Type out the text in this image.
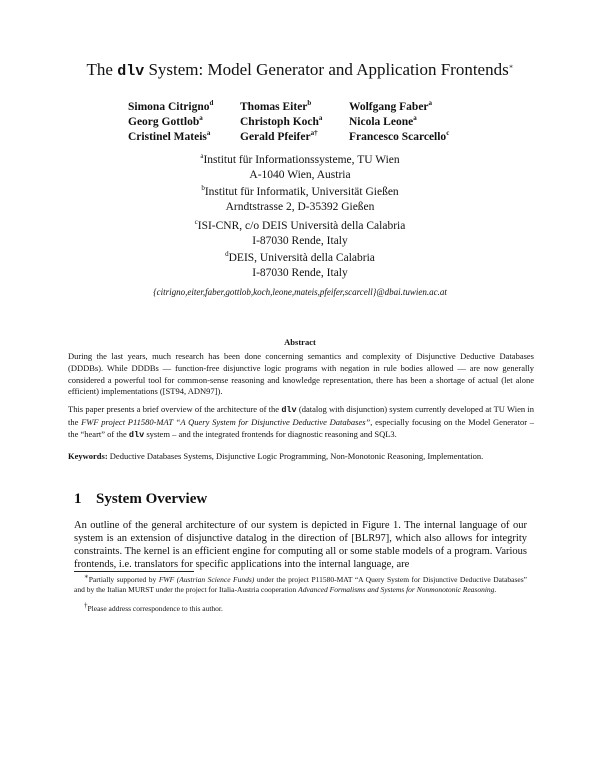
The dlv System: Model Generator and Application Frontends∗
Simona Citrigno$^d$	Thomas Eiter$^b$	Wolfgang Faber$^a$
Georg Gottlob$^a$	Christoph Koch$^a$	Nicola Leone$^a$
Cristinel Mateis$^a$	Gerald Pfeifer$^{a\dagger}$	Francesco Scarcello$^c$
$^a$Institut für Informationssysteme, TU Wien
A-1040 Wien, Austria
$^b$Institut für Informatik, Universität Gießen
Arndtstrasse 2, D-35392 Gießen
$^c$ISI-CNR, c/o DEIS Università della Calabria
I-87030 Rende, Italy
$^d$DEIS, Università della Calabria
I-87030 Rende, Italy
{citrigno,eiter,faber,gottlob,koch,leone,mateis,pfeifer,scarcell}@dbai.tuwien.ac.at
Abstract
During the last years, much research has been done concerning semantics and complexity of Disjunctive Deductive Databases (DDDBs). While DDDBs — function-free disjunctive logic programs with negation in rule bodies allowed — are now generally considered a powerful tool for common-sense reasoning and knowledge representation, there has been a shortage of actual (let alone efficient) implementations ([ST94, ADN97]).
This paper presents a brief overview of the architecture of the dlv (datalog with disjunction) system currently developed at TU Wien in the FWF project P11580-MAT “A Query System for Disjunctive Deductive Databases”, especially focusing on the Model Generator – the “heart” of the dlv system – and the integrated frontends for diagnostic reasoning and SQL3.
Keywords: Deductive Databases Systems, Disjunctive Logic Programming, Non-Monotonic Reasoning, Implementation.
1 System Overview
An outline of the general architecture of our system is depicted in Figure 1. The internal language of our system is an extension of disjunctive datalog in the direction of [BLR97], which also allows for integrity constraints. The kernel is an efficient engine for computing all or some stable models of a program. Various frontends, i.e. translators for specific applications into the internal language, are
∗Partially supported by FWF (Austrian Science Funds) under the project P11580-MAT “A Query System for Disjunctive Deductive Databases” and by the Italian MURST under the project for Italia-Austria cooperation Advanced Formalisms and Systems for Nonmonotonic Reasoning.
†Please address correspondence to this author.
